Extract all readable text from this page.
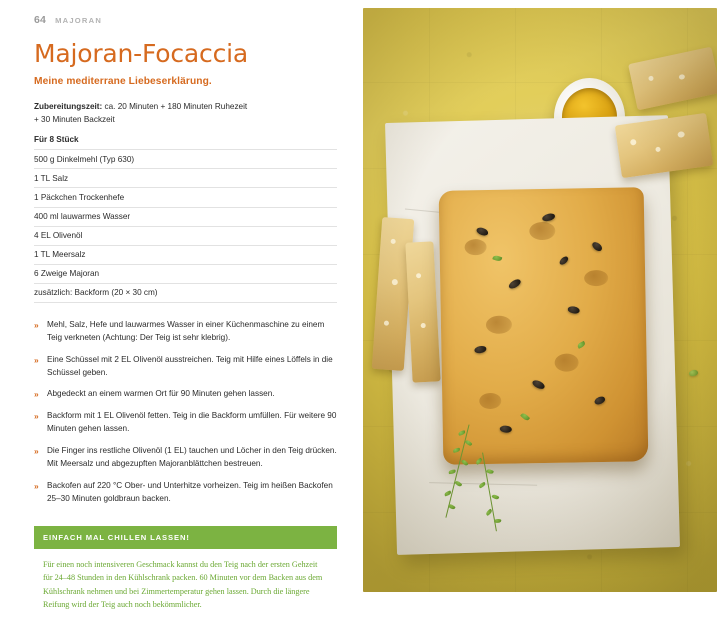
64 MAJORAN
Majoran-Focaccia

Meine mediterrane Liebeserklärung.

Zubereitungszeit: ca. 20 Minuten + 180 Minuten Ruhezeit
+ 30 Minuten Backzeit
Für 8 Stück
500 g Dinkelmehl (Typ 630)
1 TL Salz
1 Päckchen Trockenhefe
400 ml lauwarmes Wasser
4 EL Olivenöl
1 TL Meersalz
6 Zweige Majoran
zusätzlich: Backform (20 × 30 cm)
» Mehl, Salz, Hefe und lauwarmes Wasser in einer Küchenmaschine zu einem Teig verkneten (Achtung: Der Teig ist sehr klebrig).
» Eine Schüssel mit 2 EL Olivenöl ausstreichen. Teig mit Hilfe eines Löffels in die Schüssel geben.
» Abgedeckt an einem warmen Ort für 90 Minuten gehen lassen.
» Backform mit 1 EL Olivenöl fetten. Teig in die Backform umfüllen. Für weitere 90 Minuten gehen lassen.
» Die Finger ins restliche Olivenöl (1 EL) tauchen und Löcher in den Teig drücken. Mit Meersalz und abgezupften Majoranblättchen bestreuen.
» Backofen auf 220 °C Ober- und Unterhitze vorheizen. Teig im heißen Backofen 25–30 Minuten goldbraun backen.
EINFACH MAL CHILLEN LASSEN!
Für einen noch intensiveren Geschmack kannst du den Teig nach der ersten Gehzeit für 24–48 Stunden in den Kühlschrank packen. 60 Minuten vor dem Backen aus dem Kühlschrank nehmen und bei Zimmertemperatur gehen lassen. Durch die längere Reifung wird der Teig auch noch bekömmlicher.
